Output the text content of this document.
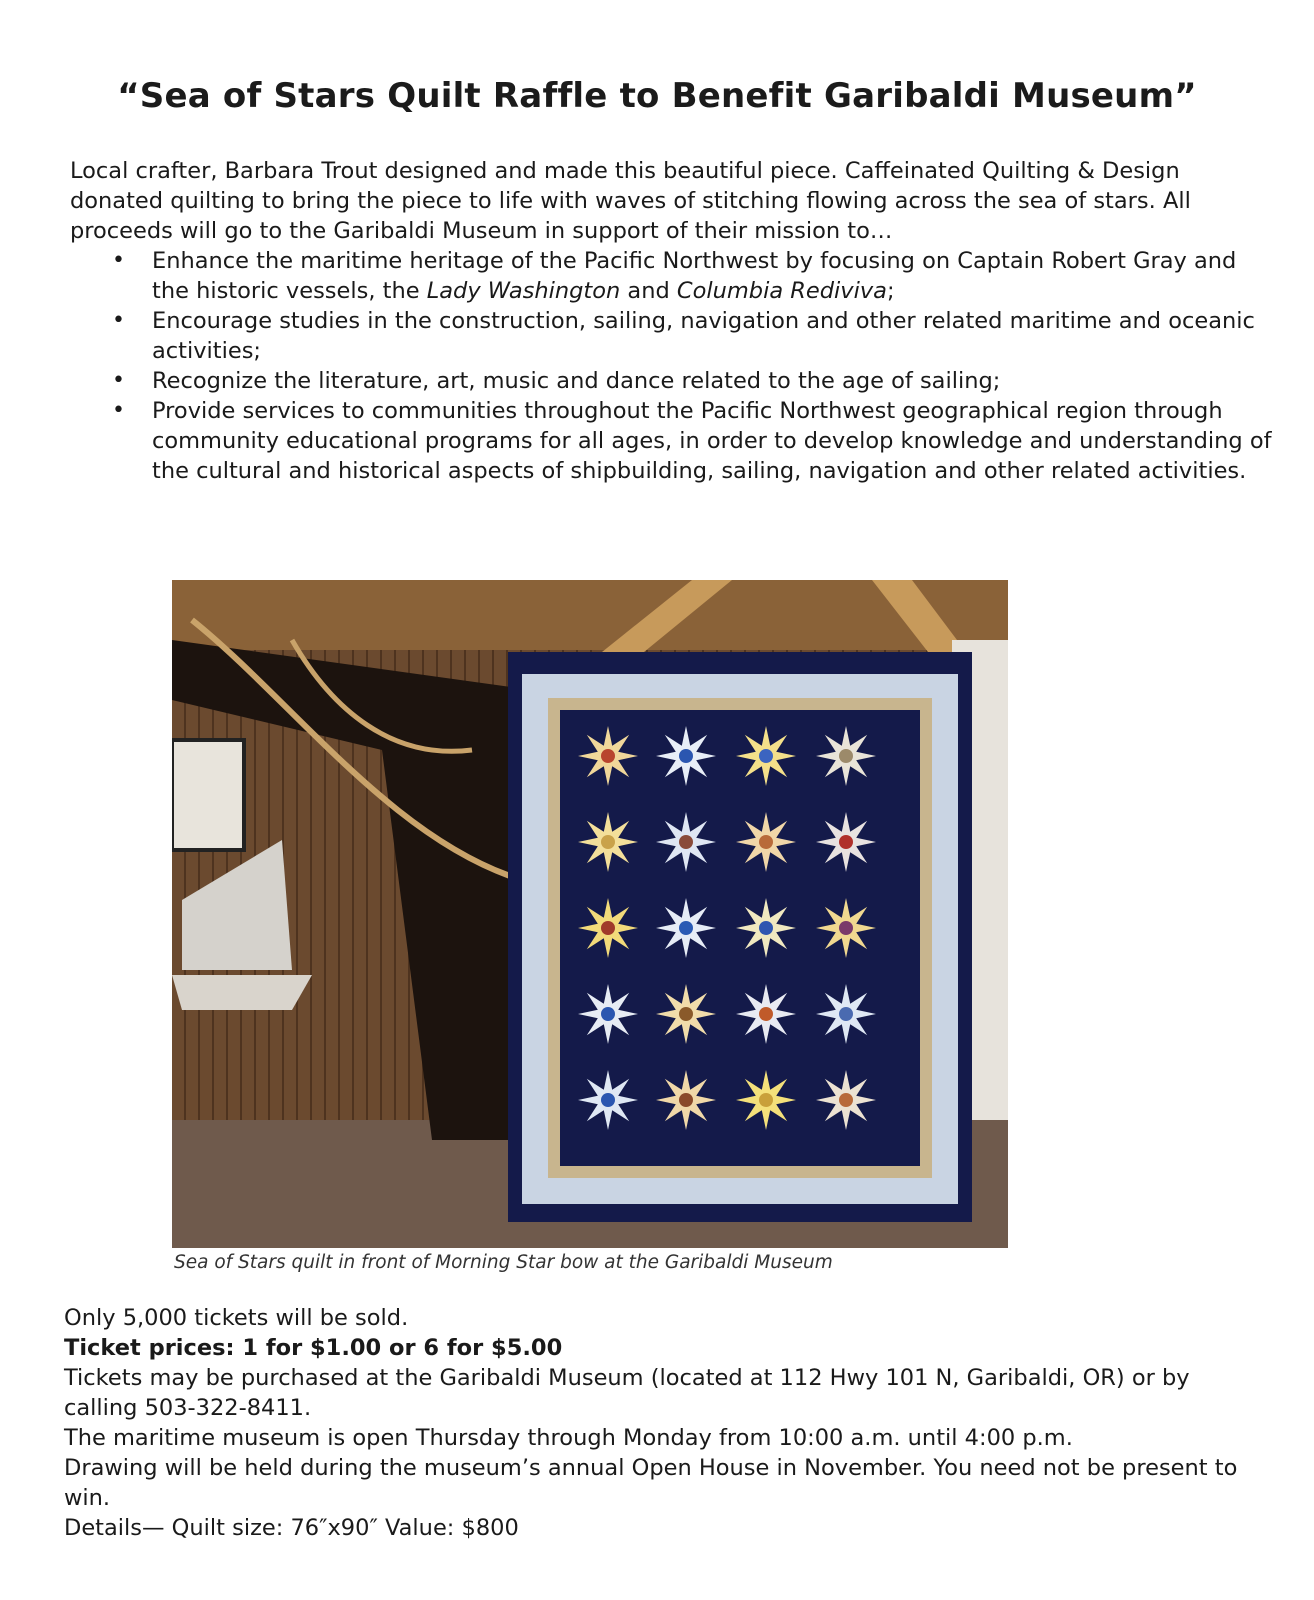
“Sea of Stars Quilt Raffle to Benefit Garibaldi Museum”

Local crafter, Barbara Trout designed and made this beautiful piece. Caffeinated Quilting & Design donated quilting to bring the piece to life with waves of stitching flowing across the sea of stars. All proceeds will go to the Garibaldi Museum in support of their mission to…

• Enhance the maritime heritage of the Pacific Northwest by focusing on Captain Robert Gray and the historic vessels, the Lady Washington and Columbia Rediviva;
• Encourage studies in the construction, sailing, navigation and other related maritime and oceanic activities;
• Recognize the literature, art, music and dance related to the age of sailing;
• Provide services to communities throughout the Pacific Northwest geographical region through community educational programs for all ages, in order to develop knowledge and understanding of the cultural and historical aspects of shipbuilding, sailing, navigation and other related activities.
Sea of Stars quilt in front of Morning Star bow at the Garibaldi Museum

Only 5,000 tickets will be sold.

Ticket prices: 1 for $1.00 or 6 for $5.00

Tickets may be purchased at the Garibaldi Museum (located at 112 Hwy 101 N, Garibaldi, OR) or by calling 503-322-8411.

The maritime museum is open Thursday through Monday from 10:00 a.m. until 4:00 p.m.

Drawing will be held during the museum’s annual Open House in November. You need not be present to win.

Details— Quilt size: 76″x90″ Value: $800
